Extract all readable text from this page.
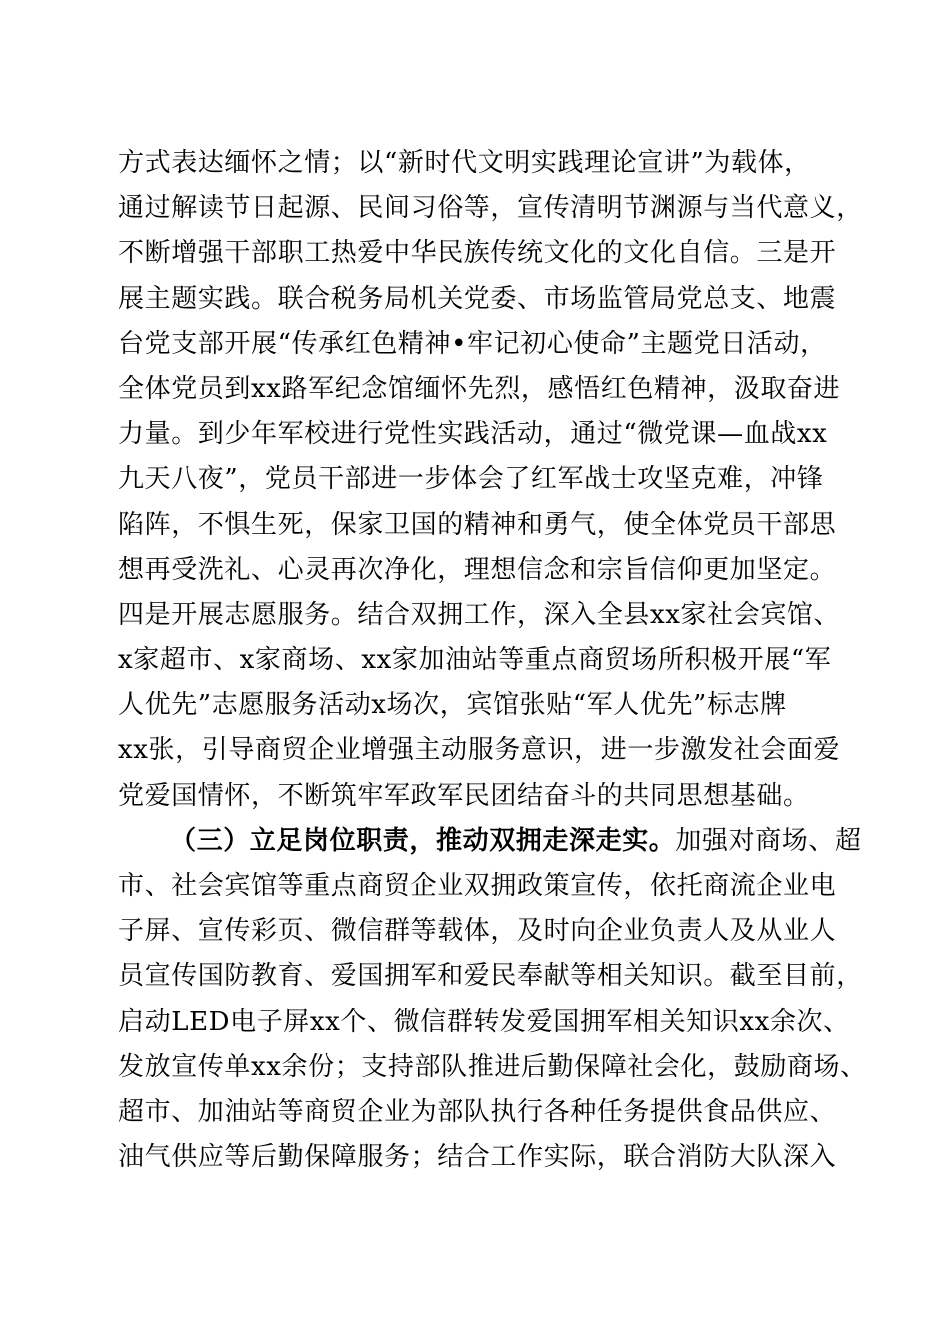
方式表达缅怀之情；以“新时代文明实践理论宣讲”为载体，
通过解读节日起源、民间习俗等，宣传清明节渊源与当代意义，
不断增强干部职工热爱中华民族传统文化的文化自信。三是开
展主题实践。联合税务局机关党委、市场监管局党总支、地震
台党支部开展“传承红色精神•牢记初心使命”主题党日活动，
全体党员到xx路军纪念馆缅怀先烈，感悟红色精神，汲取奋进
力量。到少年军校进行党性实践活动，通过“微党课—血战xx
九天八夜”，党员干部进一步体会了红军战士攻坚克难，冲锋
陷阵，不惧生死，保家卫国的精神和勇气，使全体党员干部思
想再受洗礼、心灵再次净化，理想信念和宗旨信仰更加坚定。
四是开展志愿服务。结合双拥工作，深入全县xx家社会宾馆、
x家超市、x家商场、xx家加油站等重点商贸场所积极开展“军
人优先”志愿服务活动x场次，宾馆张贴“军人优先”标志牌
xx张，引导商贸企业增强主动服务意识，进一步激发社会面爱
党爱国情怀，不断筑牢军政军民团结奋斗的共同思想基础。
（三）立足岗位职责，推动双拥走深走实。加强对商场、超
市、社会宾馆等重点商贸企业双拥政策宣传，依托商流企业电
子屏、宣传彩页、微信群等载体，及时向企业负责人及从业人
员宣传国防教育、爱国拥军和爱民奉献等相关知识。截至目前，
启动LED电子屏xx个、微信群转发爱国拥军相关知识xx余次、
发放宣传单xx余份；支持部队推进后勤保障社会化，鼓励商场、
超市、加油站等商贸企业为部队执行各种任务提供食品供应、
油气供应等后勤保障服务；结合工作实际，联合消防大队深入
